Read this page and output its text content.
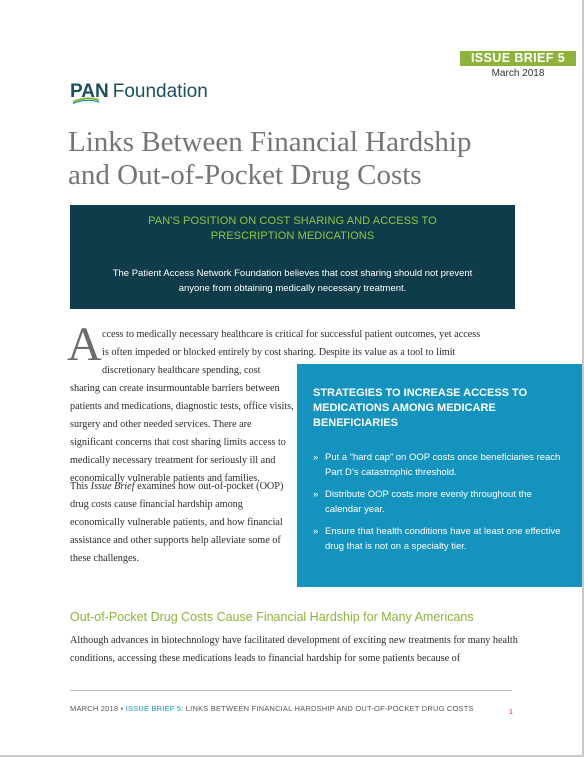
ISSUE BRIEF 5
March 2018
PAN Foundation
Links Between Financial Hardship
and Out-of-Pocket Drug Costs
PAN'S POSITION ON COST SHARING AND ACCESS TO
PRESCRIPTION MEDICATIONS
The Patient Access Network Foundation believes that cost sharing should not prevent
anyone from obtaining medically necessary treatment.
A ccess to medically necessary healthcare is critical for successful patient outcomes, yet access
is often impeded or blocked entirely by cost sharing. Despite its value as a tool to limit
discretionary healthcare spending, cost
sharing can create insurmountable barriers between patients and medications, diagnostic tests, office visits, surgery and other needed services. There are significant concerns that cost sharing limits access to medically necessary treatment for seriously ill and economically vulnerable patients and families.
This Issue Brief examines how out-of-pocket (OOP) drug costs cause financial hardship among economically vulnerable patients, and how financial assistance and other supports help alleviate some of these challenges.
STRATEGIES TO INCREASE ACCESS TO MEDICATIONS AMONG MEDICARE BENEFICIARIES
» Put a “hard cap” on OOP costs once beneficiaries reach Part D’s catastrophic threshold.
» Distribute OOP costs more evenly throughout the calendar year.
» Ensure that health conditions have at least one effective drug that is not on a specialty tier.
Out-of-Pocket Drug Costs Cause Financial Hardship for Many Americans
Although advances in biotechnology have facilitated development of exciting new treatments for many health conditions, accessing these medications leads to financial hardship for some patients because of
MARCH 2018 • ISSUE BRIEF 5: LINKS BETWEEN FINANCIAL HARDSHIP AND OUT-OF-POCKET DRUG COSTS	1
